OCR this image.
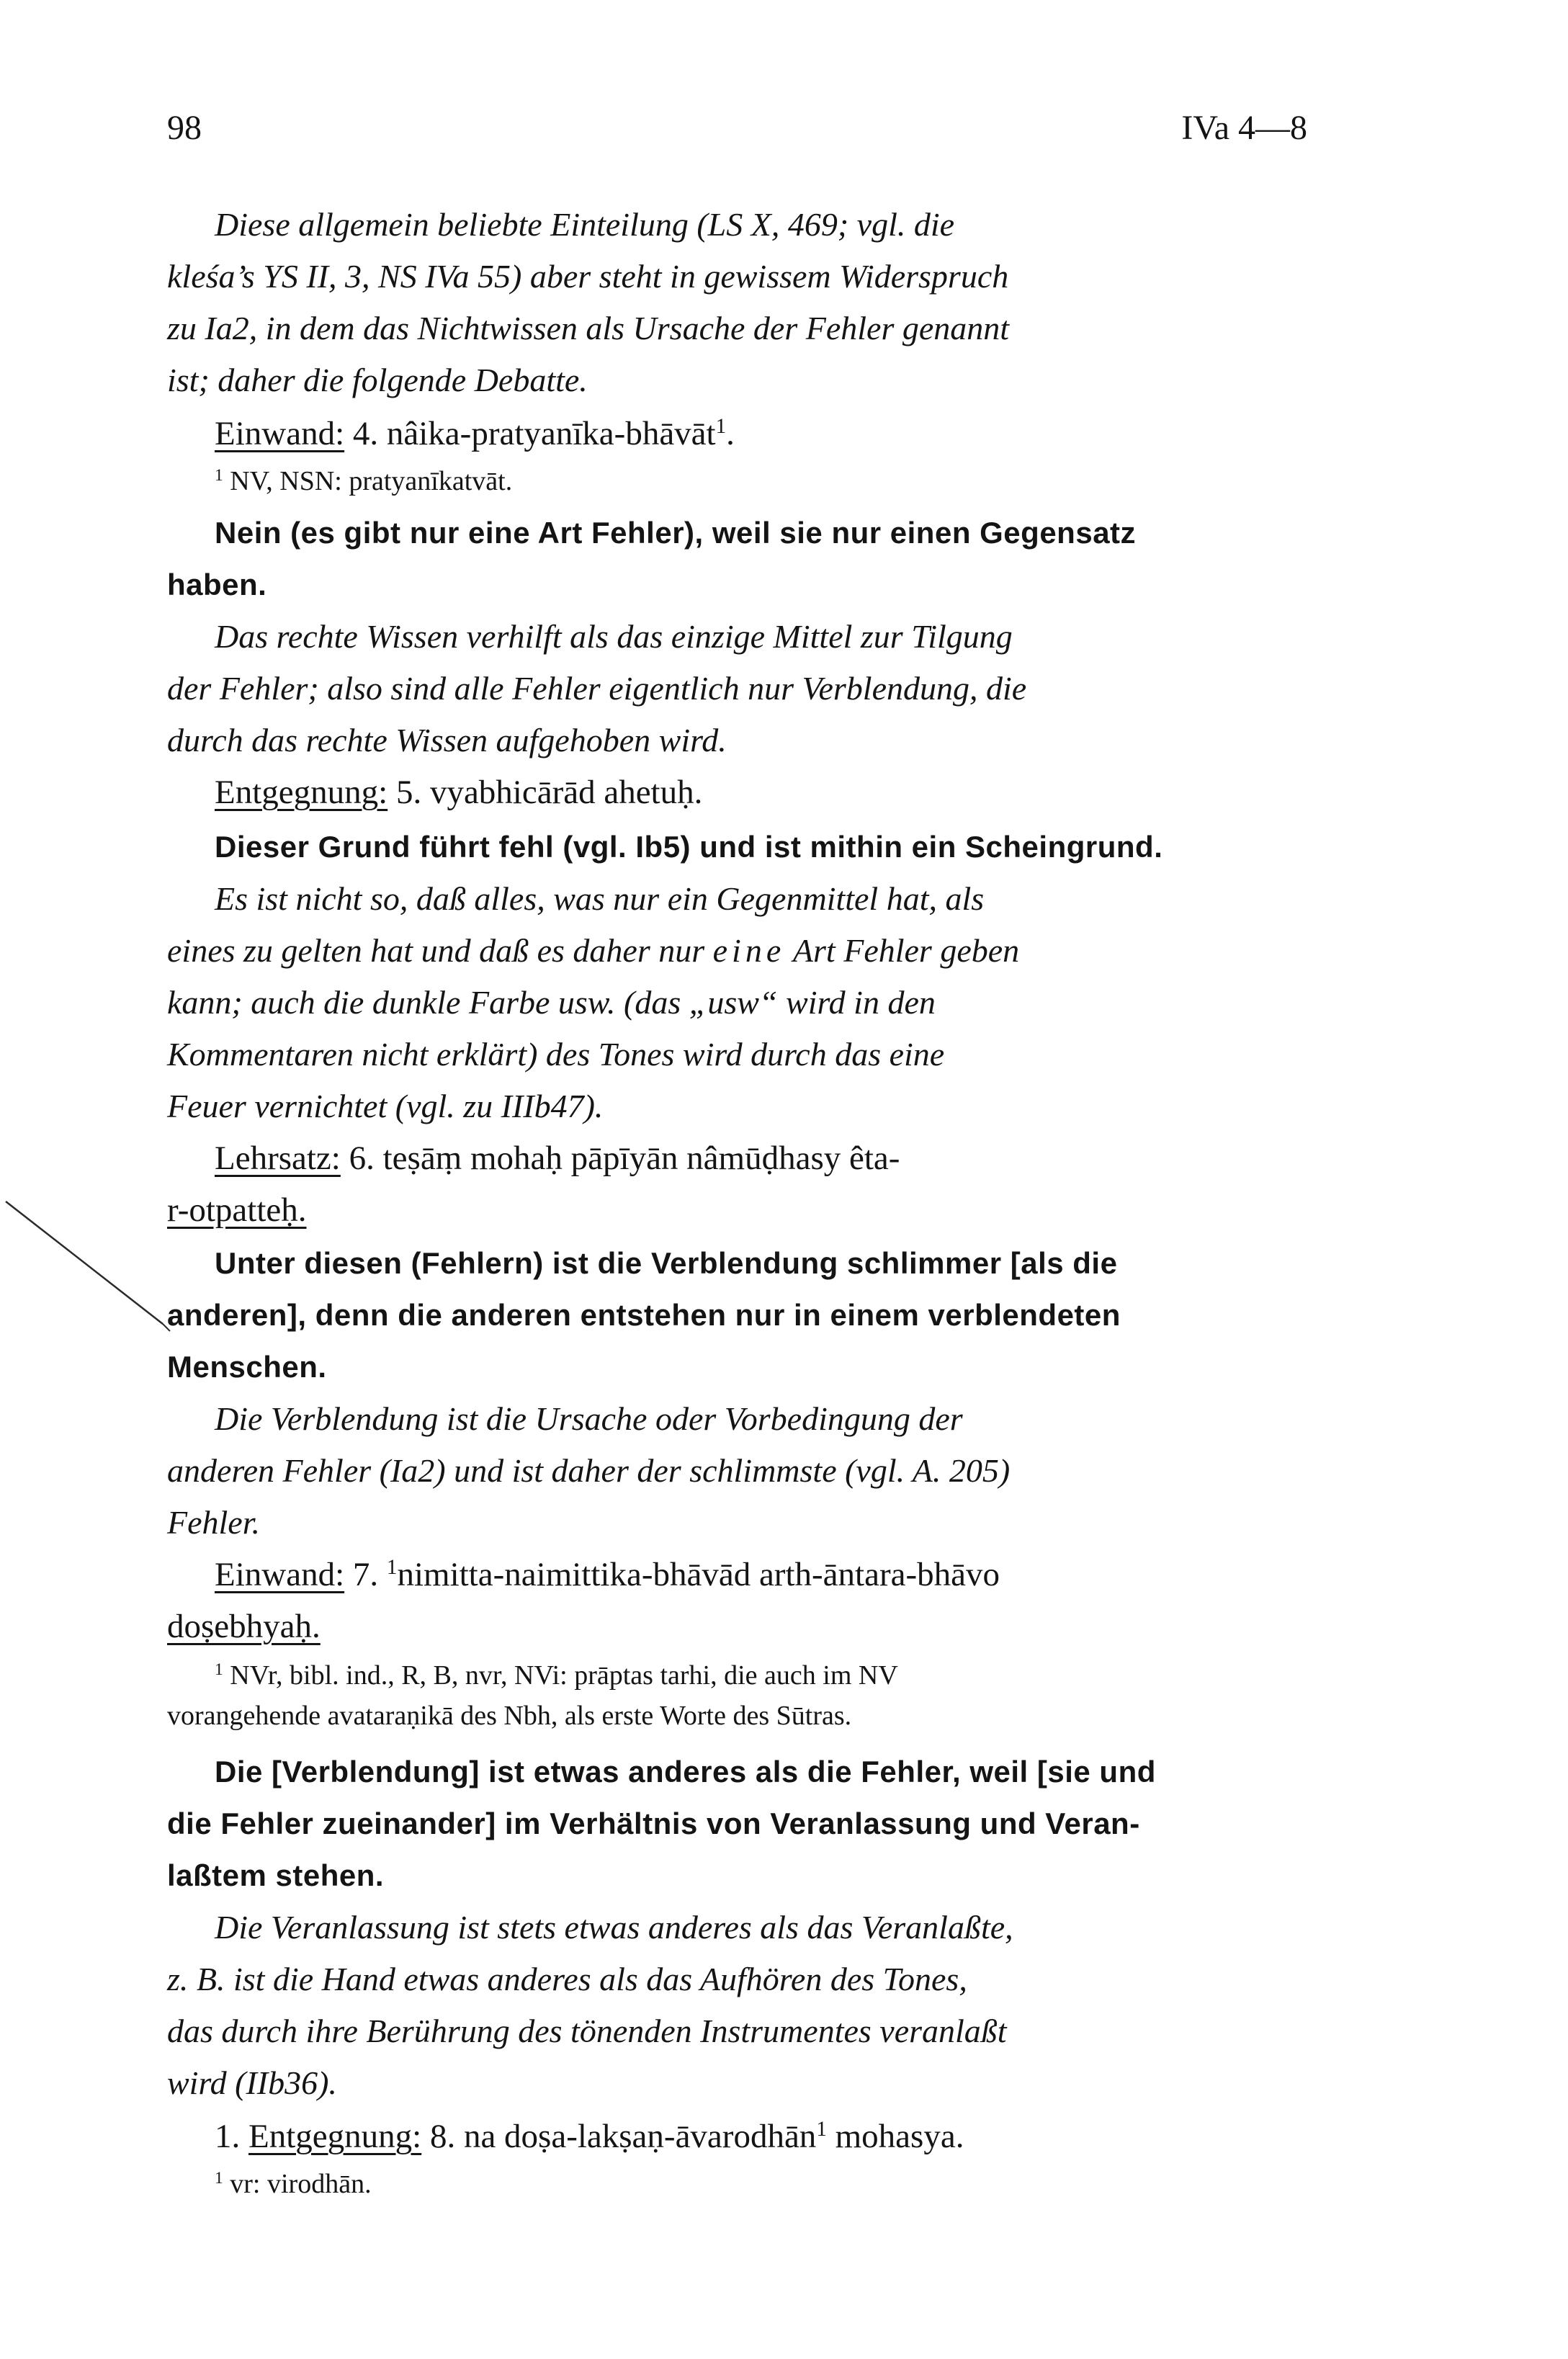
98	IVa 4—8
Diese allgemein beliebte Einteilung (LS X, 469; vgl. die
kleśa’s YS II, 3, NS IVa 55) aber steht in gewissem Widerspruch
zu Ia2, in dem das Nichtwissen als Ursache der Fehler genannt
ist; daher die folgende Debatte.
Einwand: 4. nâika-pratyanīka-bhāvāt$^1$.
$^1$ NV, NSN: pratyanīkatvāt.
Nein (es gibt nur eine Art Fehler), weil sie nur einen Gegensatz
haben.
Das rechte Wissen verhilft als das einzige Mittel zur Tilgung
der Fehler; also sind alle Fehler eigentlich nur Verblendung, die
durch das rechte Wissen aufgehoben wird.
Entgegnung: 5. vyabhicārād ahetuḥ.
Dieser Grund führt fehl (vgl. Ib5) und ist mithin ein Scheingrund.
Es ist nicht so, daß alles, was nur ein Gegenmittel hat, als
eines zu gelten hat und daß es daher nur eine Art Fehler geben
kann; auch die dunkle Farbe usw. (das „usw“ wird in den
Kommentaren nicht erklärt) des Tones wird durch das eine
Feuer vernichtet (vgl. zu IIIb47).
Lehrsatz: 6. teṣāṃ mohaḥ pāpīyān nâmūḍhasy êta-
r-otpatteḥ.
Unter diesen (Fehlern) ist die Verblendung schlimmer [als die
anderen], denn die anderen entstehen nur in einem verblendeten
Menschen.
Die Verblendung ist die Ursache oder Vorbedingung der
anderen Fehler (Ia2) und ist daher der schlimmste (vgl. A. 205)
Fehler.
Einwand: 7. $^1$nimitta-naimittika-bhāvād arth-āntara-bhāvo
doṣebhyaḥ.
$^1$ NVr, bibl. ind., R, B, nvr, NVi: prāptas tarhi, die auch im NV
vorangehende avataraṇikā des Nbh, als erste Worte des Sūtras.
Die [Verblendung] ist etwas anderes als die Fehler, weil [sie und
die Fehler zueinander] im Verhältnis von Veranlassung und Veran-
laßtem stehen.
Die Veranlassung ist stets etwas anderes als das Veranlaßte,
z. B. ist die Hand etwas anderes als das Aufhören des Tones,
das durch ihre Berührung des tönenden Instrumentes veranlaßt
wird (IIb36).
1. Entgegnung: 8. na doṣa-lakṣaṇ-āvarodhān$^1$ mohasya.
$^1$ vr: virodhān.
